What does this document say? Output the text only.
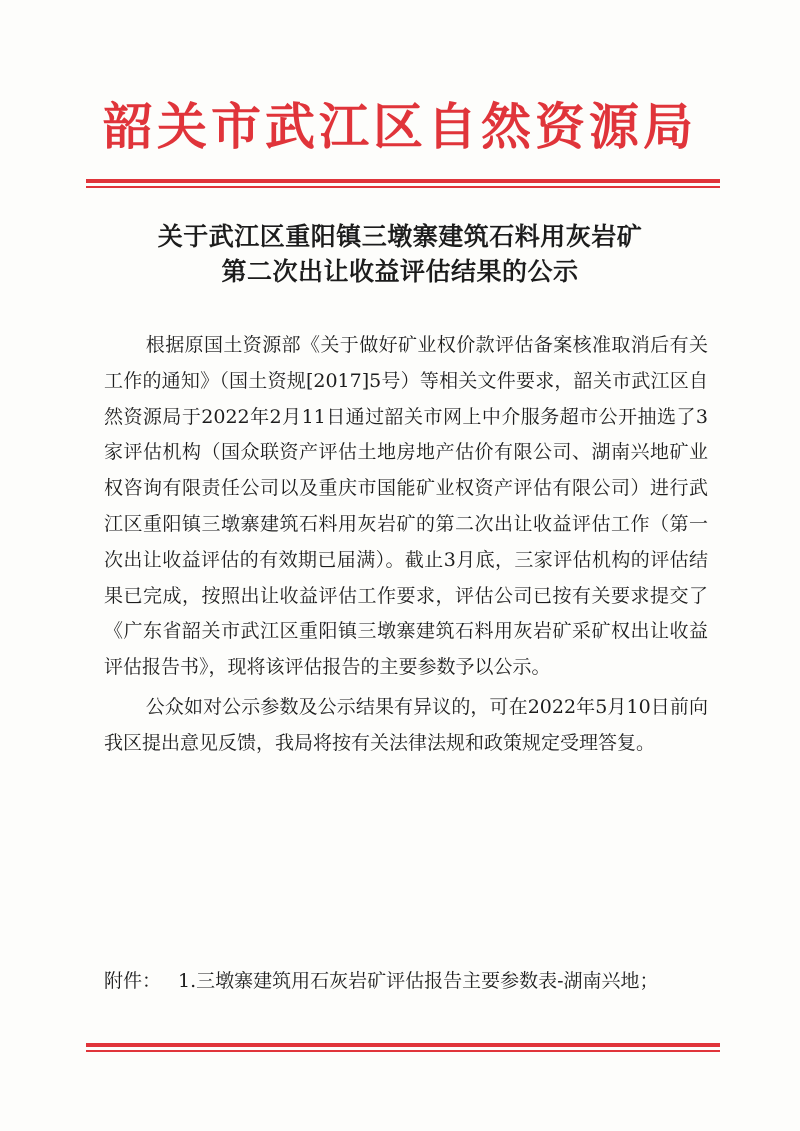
韶关市武江区自然资源局
关于武江区重阳镇三墩寨建筑石料用灰岩矿
第二次出让收益评估结果的公示

根据原国土资源部《关于做好矿业权价款评估备案核准取消后有关工作的通知》（国土资规[2017]5号）等相关文件要求，韶关市武江区自然资源局于2022年2月11日通过韶关市网上中介服务超市公开抽选了3家评估机构（国众联资产评估土地房地产估价有限公司、湖南兴地矿业权咨询有限责任公司以及重庆市国能矿业权资产评估有限公司）进行武江区重阳镇三墩寨建筑石料用灰岩矿的第二次出让收益评估工作（第一次出让收益评估的有效期已届满）。截止3月底，三家评估机构的评估结果已完成，按照出让收益评估工作要求，评估公司已按有关要求提交了《广东省韶关市武江区重阳镇三墩寨建筑石料用灰岩矿采矿权出让收益评估报告书》，现将该评估报告的主要参数予以公示。

公众如对公示参数及公示结果有异议的，可在2022年5月10日前向我区提出意见反馈，我局将按有关法律法规和政策规定受理答复。

附件： 1.三墩寨建筑用石灰岩矿评估报告主要参数表-湖南兴地；
